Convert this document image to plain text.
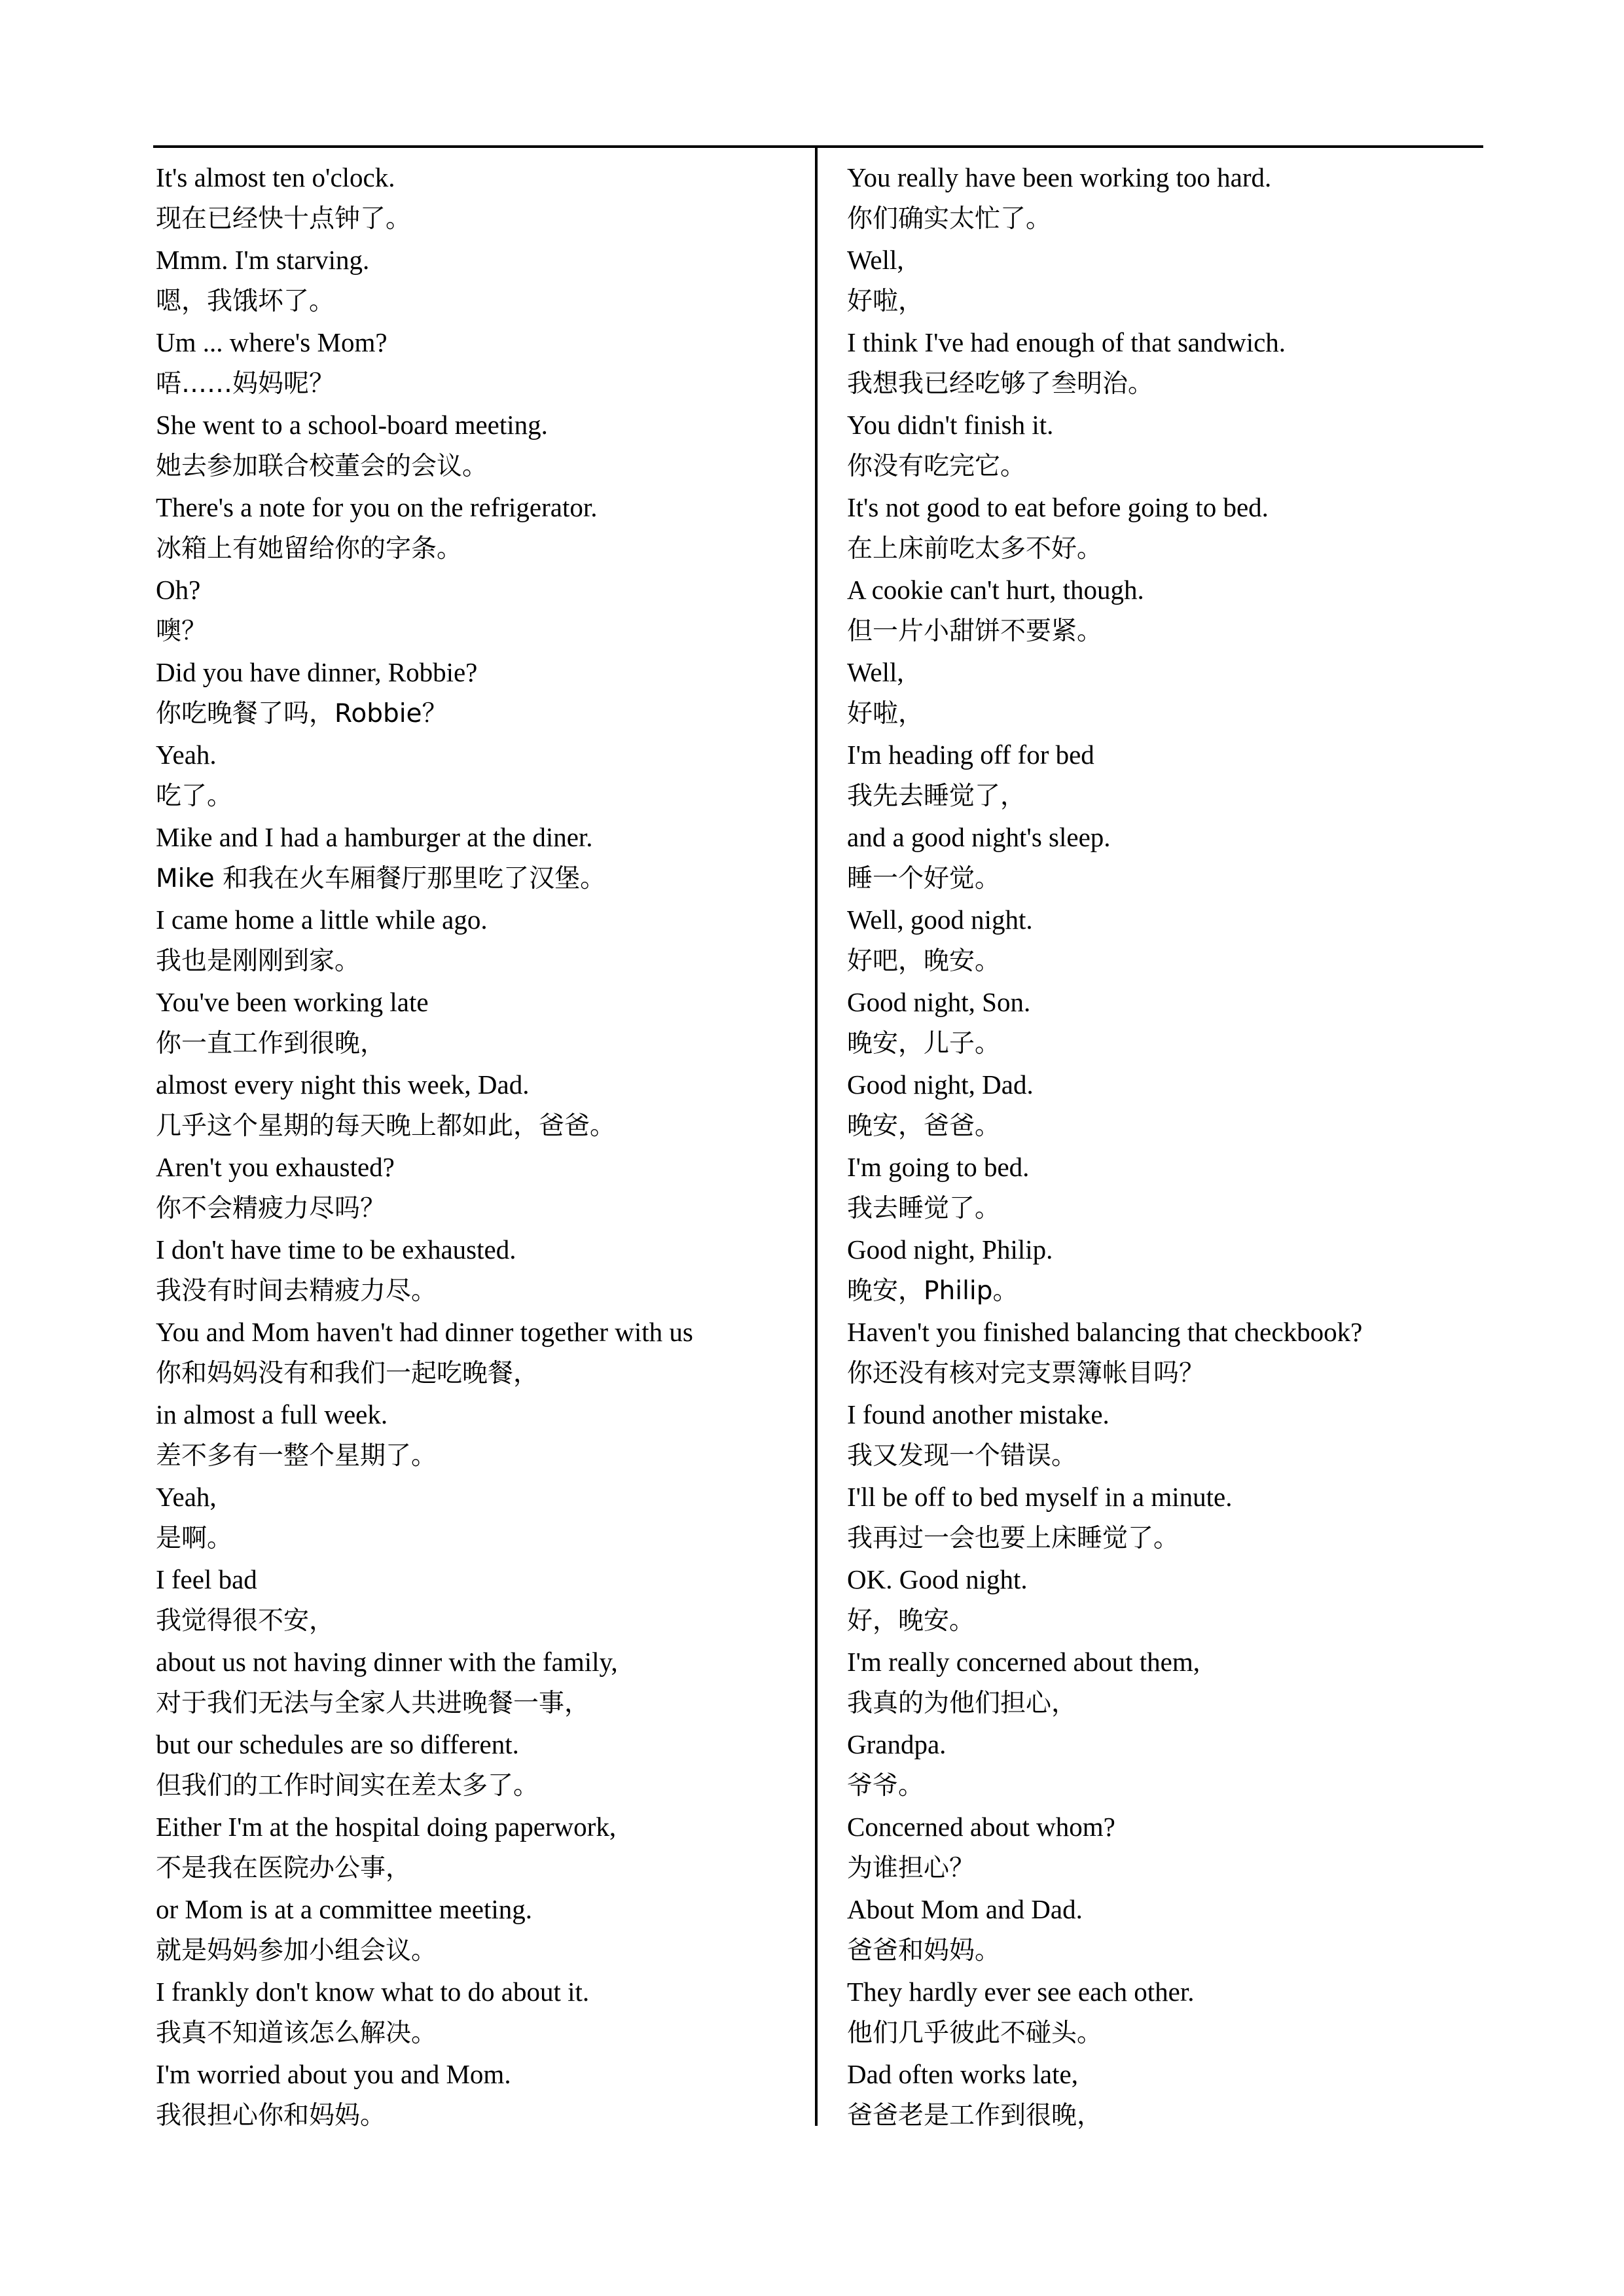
It's almost ten o'clock.
现在已经快十点钟了。
Mmm. I'm starving.
嗯，我饿坏了。
Um ... where's Mom?
唔……妈妈呢？
She went to a school-board meeting.
她去参加联合校董会的会议。
There's a note for you on the refrigerator.
冰箱上有她留给你的字条。
Oh?
噢？
Did you have dinner, Robbie?
你吃晚餐了吗，Robbie？
Yeah.
吃了。
Mike and I had a hamburger at the diner.
Mike 和我在火车厢餐厅那里吃了汉堡。
I came home a little while ago.
我也是刚刚到家。
You've been working late
你一直工作到很晚，
almost every night this week, Dad.
几乎这个星期的每天晚上都如此，爸爸。
Aren't you exhausted?
你不会精疲力尽吗？
I don't have time to be exhausted.
我没有时间去精疲力尽。
You and Mom haven't had dinner together with us
你和妈妈没有和我们一起吃晚餐，
in almost a full week.
差不多有一整个星期了。
Yeah,
是啊。
I feel bad
我觉得很不安，
about us not having dinner with the family,
对于我们无法与全家人共进晚餐一事，
but our schedules are so different.
但我们的工作时间实在差太多了。
Either I'm at the hospital doing paperwork,
不是我在医院办公事，
or Mom is at a committee meeting.
就是妈妈参加小组会议。
I frankly don't know what to do about it.
我真不知道该怎么解决。
I'm worried about you and Mom.
我很担心你和妈妈。
You really have been working too hard.
你们确实太忙了。
Well,
好啦，
I think I've had enough of that sandwich.
我想我已经吃够了叁明治。
You didn't finish it.
你没有吃完它。
It's not good to eat before going to bed.
在上床前吃太多不好。
A cookie can't hurt, though.
但一片小甜饼不要紧。
Well,
好啦，
I'm heading off for bed
我先去睡觉了，
and a good night's sleep.
睡一个好觉。
Well, good night.
好吧，晚安。
Good night, Son.
晚安，儿子。
Good night, Dad.
晚安，爸爸。
I'm going to bed.
我去睡觉了。
Good night, Philip.
晚安，Philip。
Haven't you finished balancing that checkbook?
你还没有核对完支票簿帐目吗？
I found another mistake.
我又发现一个错误。
I'll be off to bed myself in a minute.
我再过一会也要上床睡觉了。
OK. Good night.
好，晚安。
I'm really concerned about them,
我真的为他们担心，
Grandpa.
爷爷。
Concerned about whom?
为谁担心？
About Mom and Dad.
爸爸和妈妈。
They hardly ever see each other.
他们几乎彼此不碰头。
Dad often works late,
爸爸老是工作到很晚，
